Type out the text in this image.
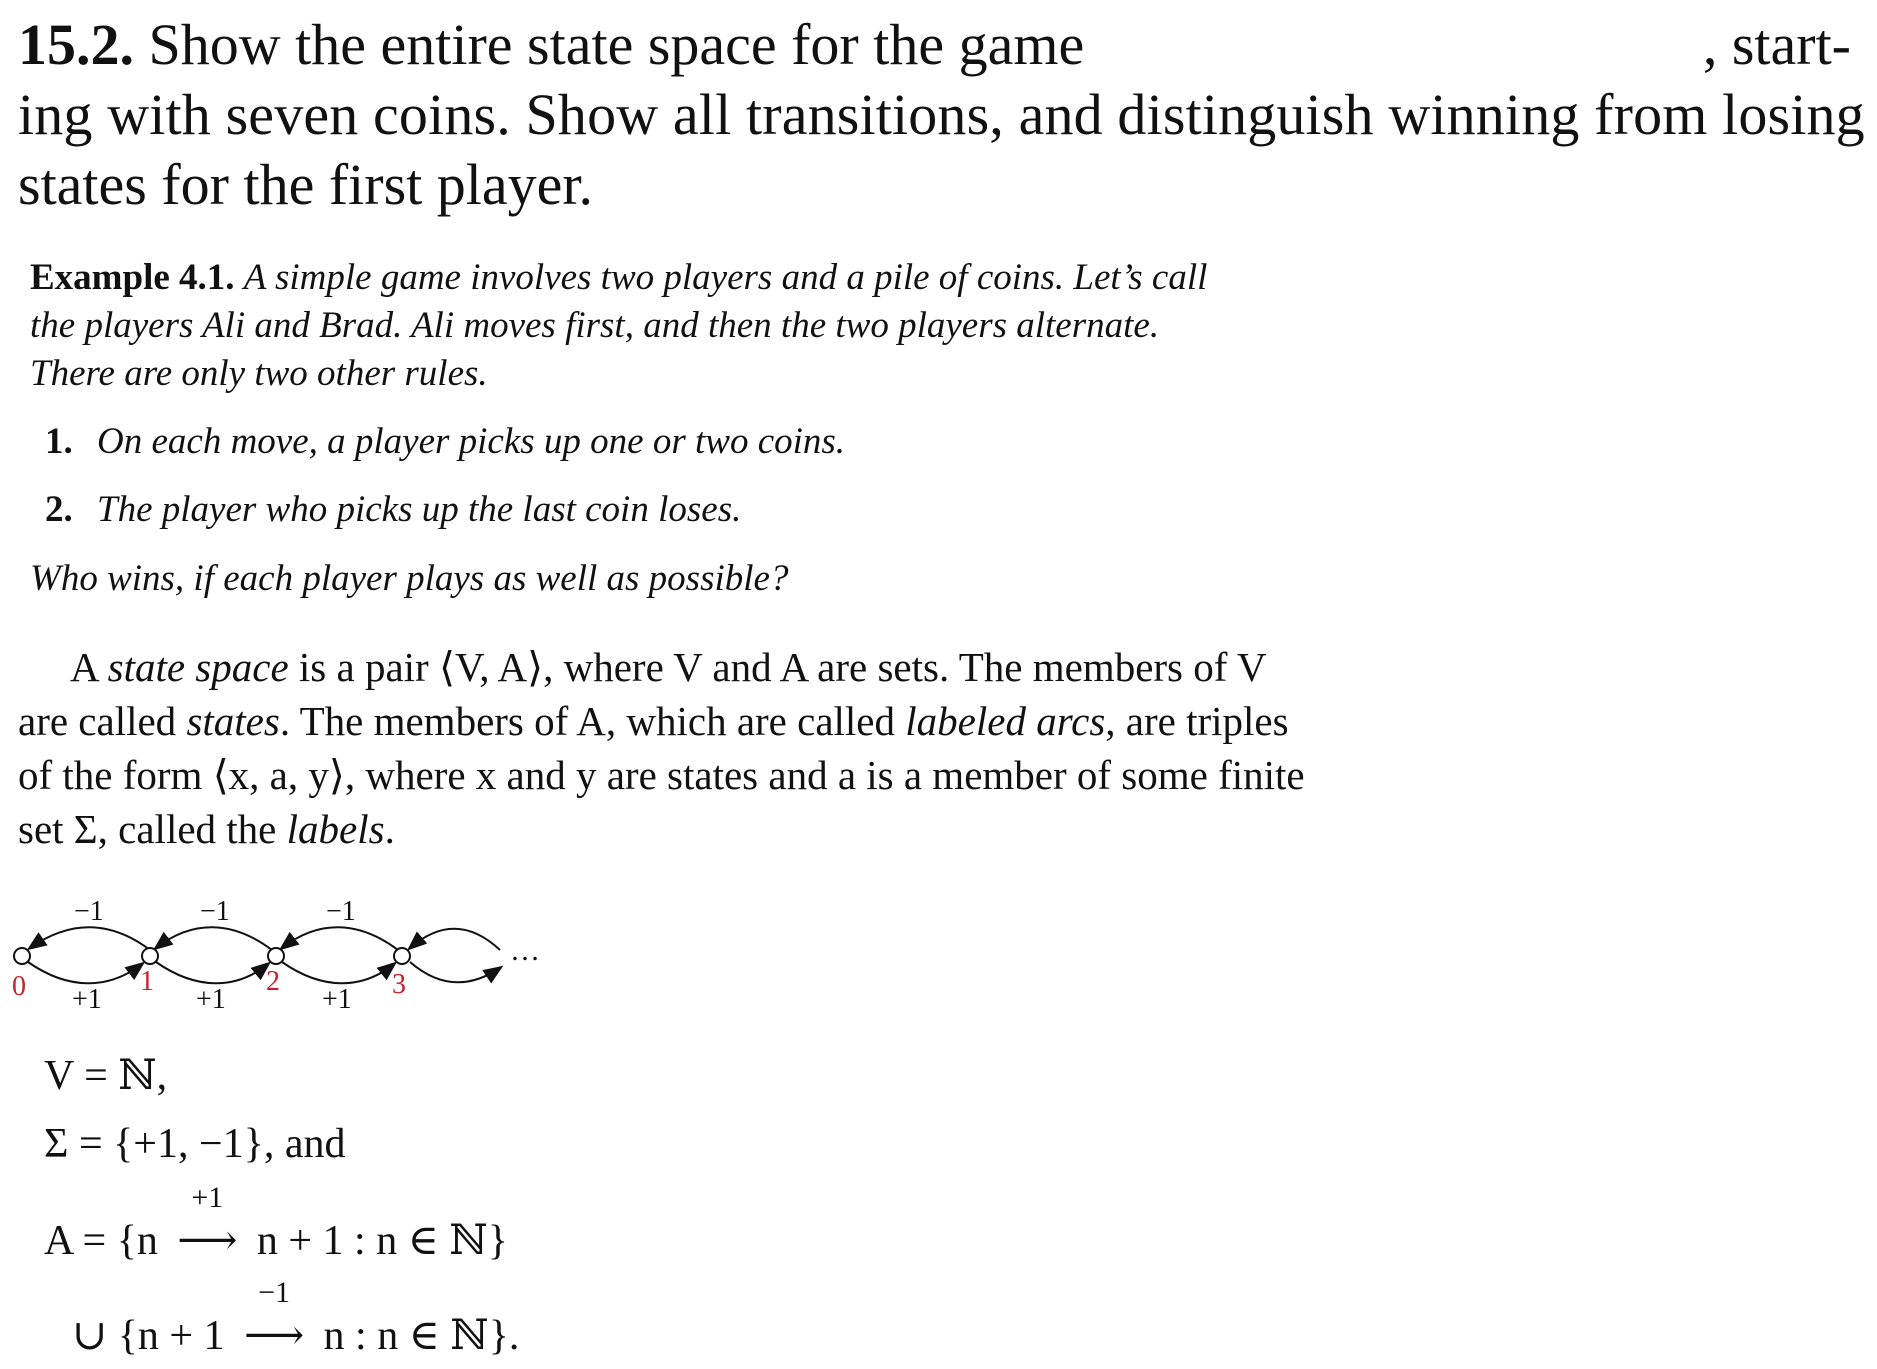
15.2. Show the entire state space for the game	, start-
ing with seven coins. Show all transitions, and distinguish winning from losing
states for the first player.

Example 4.1. A simple game involves two players and a pile of coins. Let’s call

the players Ali and Brad. Ali moves first, and then the two players alternate.

There are only two other rules.

1. On each move, a player picks up one or two coins.
2. The player who picks up the last coin loses.
Who wins, if each player plays as well as possible?

A state space is a pair ⟨V, A⟩, where V and A are sets. The members of V

are called states. The members of A, which are called labeled arcs, are triples

of the form ⟨x, a, y⟩, where x and y are states and a is a member of some finite

set Σ, called the labels.

0	1	2	3
−1	−1	−1
+1	+1	+1
…
V = ℕ,
Σ = {+1, −1}, and
A = {n
+1
⟶ n + 1 : n ∈ ℕ}
∪ {n + 1
−1
⟶ n : n ∈ ℕ}.
